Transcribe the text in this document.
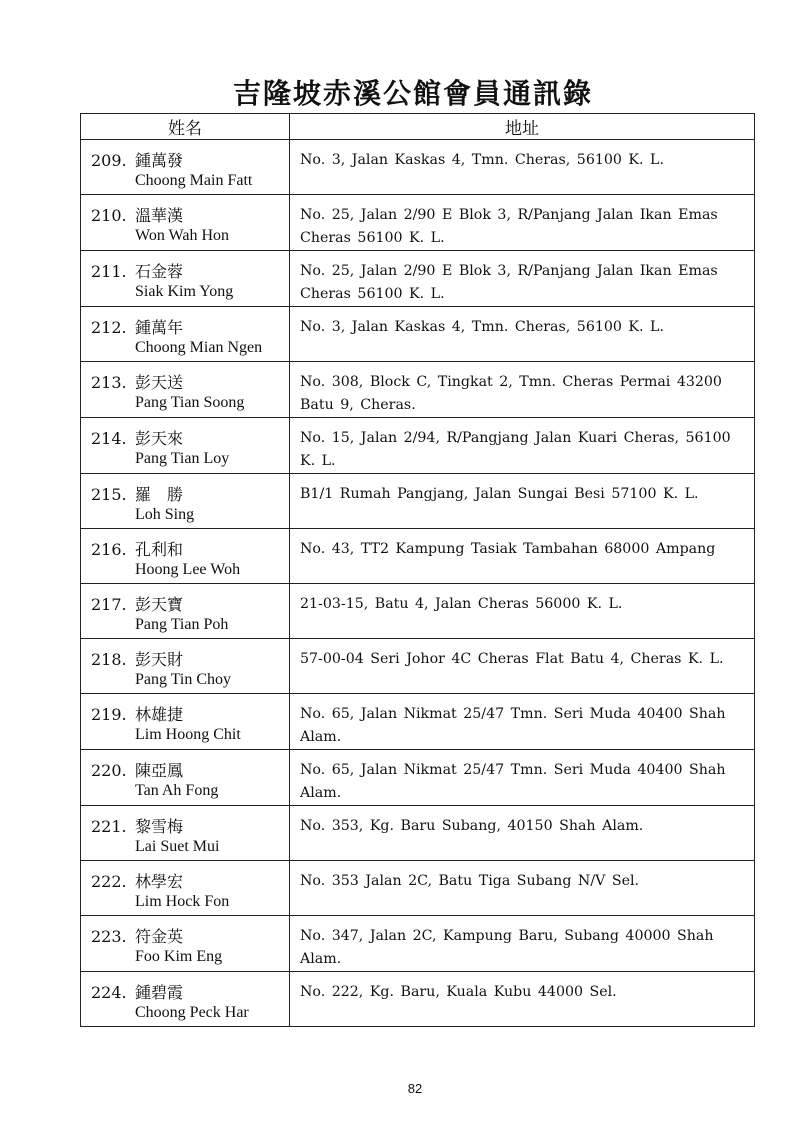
吉隆坡赤溪公館會員通訊錄
姓名	地址

209. 鍾萬發
Choong Main Fatt	No. 3, Jalan Kaskas 4, Tmn. Cheras, 56100 K. L.

210. 溫華漢
Won Wah Hon	No. 25, Jalan 2/90 E Blok 3, R/Panjang Jalan Ikan Emas Cheras 56100 K. L.

211. 石金蓉
Siak Kim Yong	No. 25, Jalan 2/90 E Blok 3, R/Panjang Jalan Ikan Emas Cheras 56100 K. L.

212. 鍾萬年
Choong Mian Ngen	No. 3, Jalan Kaskas 4, Tmn. Cheras, 56100 K. L.

213. 彭天送
Pang Tian Soong	No. 308, Block C, Tingkat 2, Tmn. Cheras Permai 43200 Batu 9, Cheras.

214. 彭天來
Pang Tian Loy	No. 15, Jalan 2/94, R/Pangjang Jalan Kuari Cheras, 56100 K. L.

215. 羅　勝
Loh Sing	B1/1 Rumah Pangjang, Jalan Sungai Besi 57100 K. L.

216. 孔利和
Hoong Lee Woh	No. 43, TT2 Kampung Tasiak Tambahan 68000 Ampang

217. 彭天寶
Pang Tian Poh	21-03-15, Batu 4, Jalan Cheras 56000 K. L.

218. 彭天財
Pang Tin Choy	57-00-04 Seri Johor 4C Cheras Flat Batu 4, Cheras K. L.

219. 林雄捷
Lim Hoong Chit	No. 65, Jalan Nikmat 25/47 Tmn. Seri Muda 40400 Shah Alam.

220. 陳亞鳳
Tan Ah Fong	No. 65, Jalan Nikmat 25/47 Tmn. Seri Muda 40400 Shah Alam.

221. 黎雪梅
Lai Suet Mui	No. 353, Kg. Baru Subang, 40150 Shah Alam.

222. 林學宏
Lim Hock Fon	No. 353 Jalan 2C, Batu Tiga Subang N/V Sel.

223. 符金英
Foo Kim Eng	No. 347, Jalan 2C, Kampung Baru, Subang 40000 Shah Alam.

224. 鍾碧霞
Choong Peck Har	No. 222, Kg. Baru, Kuala Kubu 44000 Sel.
82
